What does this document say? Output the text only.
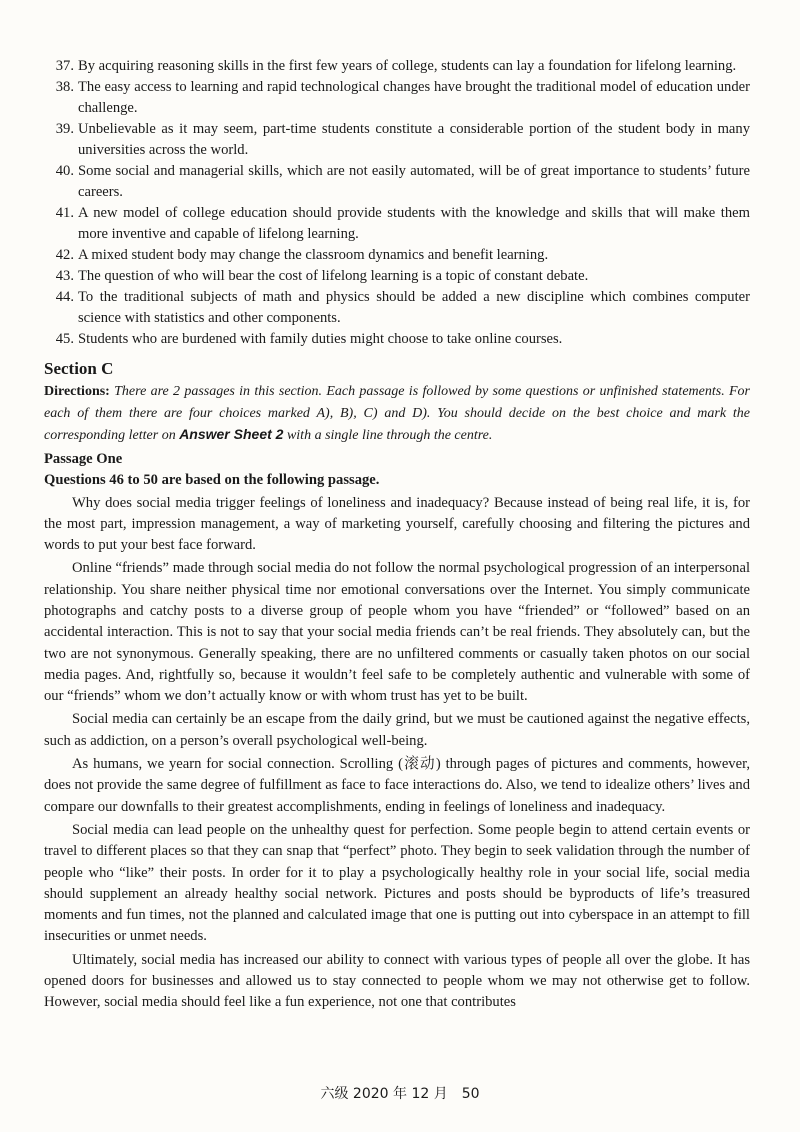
37. By acquiring reasoning skills in the first few years of college, students can lay a foundation for lifelong learning.
38. The easy access to learning and rapid technological changes have brought the traditional model of education under challenge.
39. Unbelievable as it may seem, part-time students constitute a considerable portion of the student body in many universities across the world.
40. Some social and managerial skills, which are not easily automated, will be of great importance to students’ future careers.
41. A new model of college education should provide students with the knowledge and skills that will make them more inventive and capable of lifelong learning.
42. A mixed student body may change the classroom dynamics and benefit learning.
43. The question of who will bear the cost of lifelong learning is a topic of constant debate.
44. To the traditional subjects of math and physics should be added a new discipline which combines computer science with statistics and other components.
45. Students who are burdened with family duties might choose to take online courses.
Section C
Directions: There are 2 passages in this section. Each passage is followed by some questions or unfinished statements. For each of them there are four choices marked A), B), C) and D). You should decide on the best choice and mark the corresponding letter on Answer Sheet 2 with a single line through the centre.
Passage One
Questions 46 to 50 are based on the following passage.

Why does social media trigger feelings of loneliness and inadequacy? Because instead of being real life, it is, for the most part, impression management, a way of marketing yourself, carefully choosing and filtering the pictures and words to put your best face forward.

Online “friends” made through social media do not follow the normal psychological progression of an interpersonal relationship. You share neither physical time nor emotional conversations over the Internet. You simply communicate photographs and catchy posts to a diverse group of people whom you have “friended” or “followed” based on an accidental interaction. This is not to say that your social media friends can’t be real friends. They absolutely can, but the two are not synonymous. Generally speaking, there are no unfiltered comments or casually taken photos on our social media pages. And, rightfully so, because it wouldn’t feel safe to be completely authentic and vulnerable with some of our “friends” whom we don’t actually know or with whom trust has yet to be built.

Social media can certainly be an escape from the daily grind, but we must be cautioned against the negative effects, such as addiction, on a person’s overall psychological well-being.

As humans, we yearn for social connection. Scrolling (滚动) through pages of pictures and comments, however, does not provide the same degree of fulfillment as face to face interactions do. Also, we tend to idealize others’ lives and compare our downfalls to their greatest accomplishments, ending in feelings of loneliness and inadequacy.

Social media can lead people on the unhealthy quest for perfection. Some people begin to attend certain events or travel to different places so that they can snap that “perfect” photo. They begin to seek validation through the number of people who “like” their posts. In order for it to play a psychologically healthy role in your social life, social media should supplement an already healthy social network. Pictures and posts should be byproducts of life’s treasured moments and fun times, not the planned and calculated image that one is putting out into cyberspace in an attempt to fill insecurities or unmet needs.

Ultimately, social media has increased our ability to connect with various types of people all over the globe. It has opened doors for businesses and allowed us to stay connected to people whom we may not otherwise get to follow. However, social media should feel like a fun experience, not one that contributes

六级 2020 年 12 月　50
